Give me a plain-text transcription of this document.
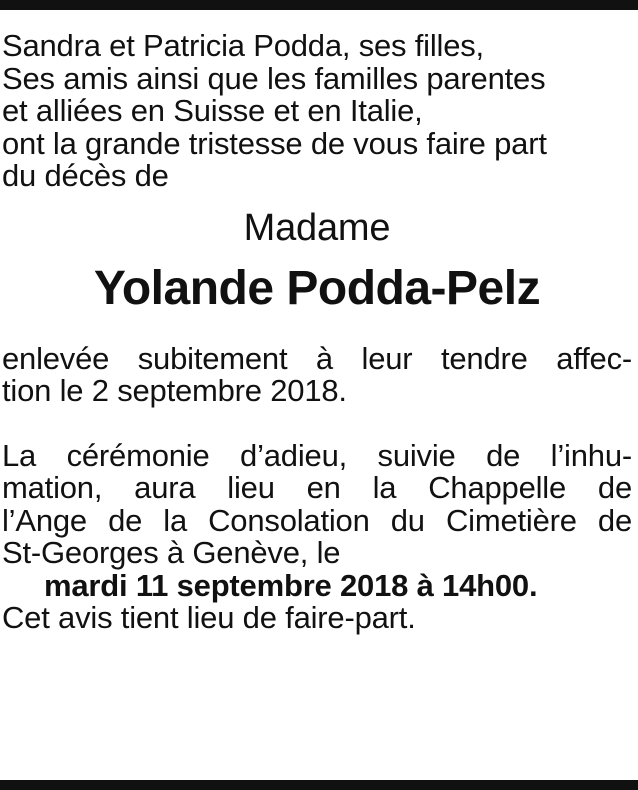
Sandra et Patricia Podda, ses filles,
Ses amis ainsi que les familles parentes
et alliées en Suisse et en Italie,
ont la grande tristesse de vous faire part
du décès de
Madame
Yolande Podda-Pelz
enlevée subitement à leur tendre affec-
tion le 2 septembre 2018.
La cérémonie d’adieu, suivie de l’inhu-
mation, aura lieu en la Chappelle de
l’Ange de la Consolation du Cimetière de
St-Georges à Genève, le
mardi 11 septembre 2018 à 14h00.
Cet avis tient lieu de faire-part.
